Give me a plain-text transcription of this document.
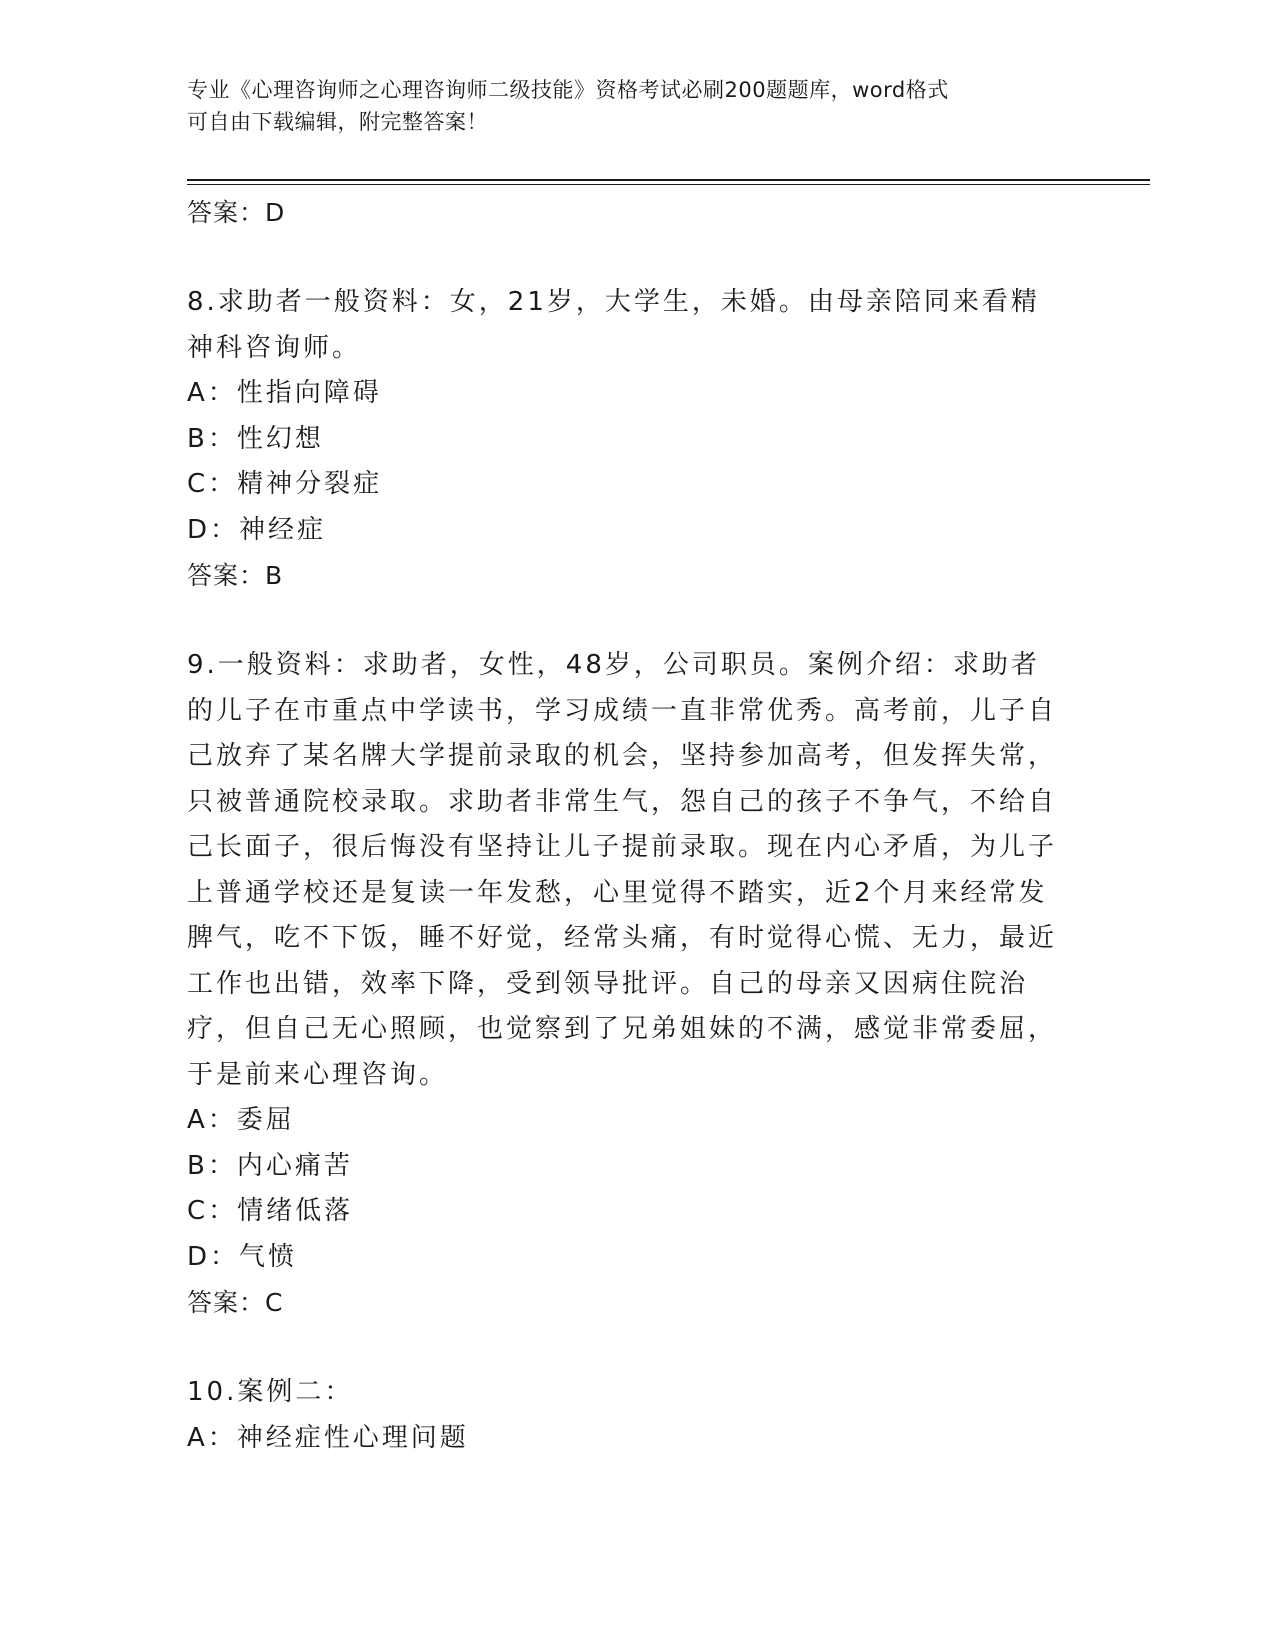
专业《心理咨询师之心理咨询师二级技能》资格考试必刷200题题库，word格式
可自由下载编辑，附完整答案！

答案：D

8.求助者一般资料：女，21岁，大学生，未婚。由母亲陪同来看精神科咨询师。

A：性指向障碍

B：性幻想

C：精神分裂症

D：神经症

答案：B

9.一般资料：求助者，女性，48岁，公司职员。案例介绍：求助者的儿子在市重点中学读书，学习成绩一直非常优秀。高考前，儿子自己放弃了某名牌大学提前录取的机会，坚持参加高考，但发挥失常，只被普通院校录取。求助者非常生气，怨自己的孩子不争气，不给自己长面子，很后悔没有坚持让儿子提前录取。现在内心矛盾，为儿子上普通学校还是复读一年发愁，心里觉得不踏实，近2个月来经常发脾气，吃不下饭，睡不好觉，经常头痛，有时觉得心慌、无力，最近工作也出错，效率下降，受到领导批评。自己的母亲又因病住院治疗，但自己无心照顾，也觉察到了兄弟姐妹的不满，感觉非常委屈，于是前来心理咨询。

A：委屈

B：内心痛苦

C：情绪低落

D：气愤

答案：C

10.案例二：

A：神经症性心理问题
